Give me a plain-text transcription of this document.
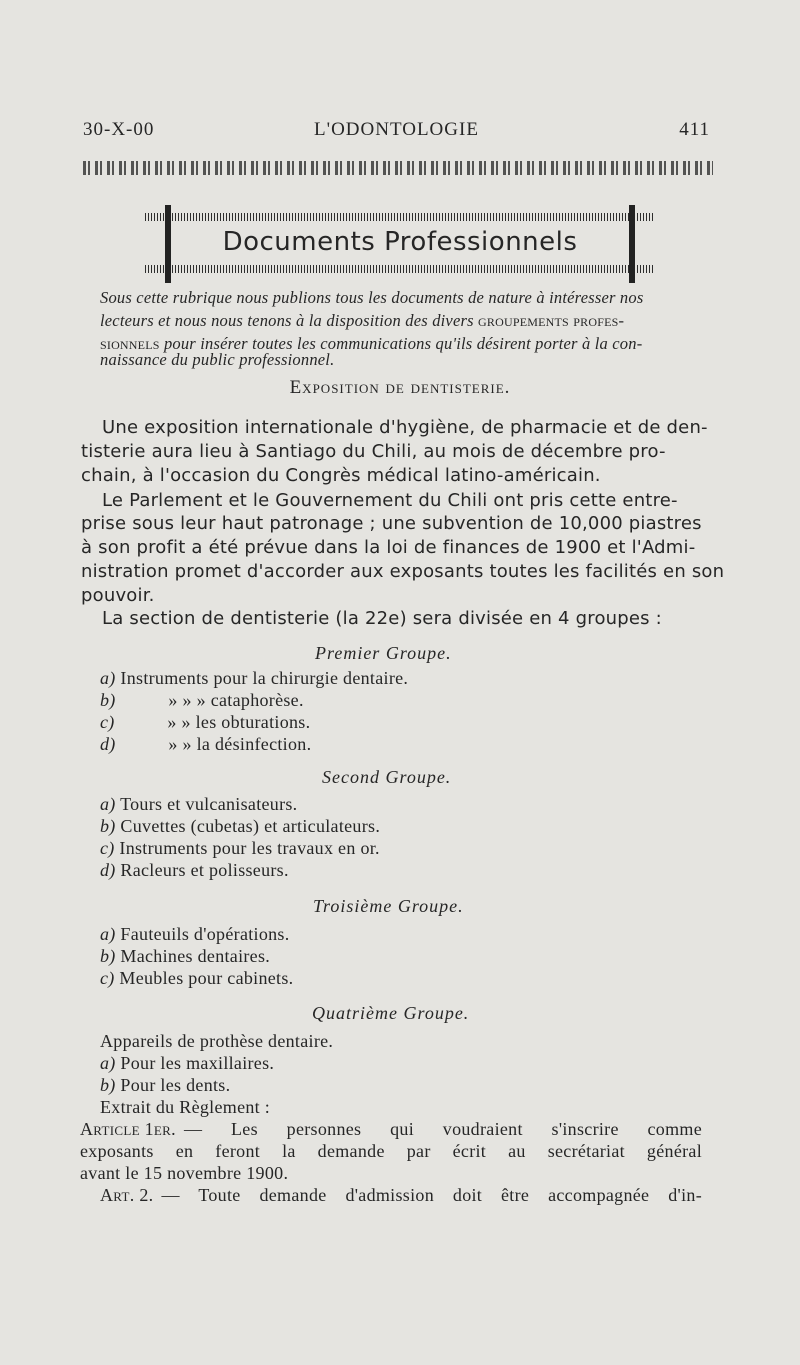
30-X-00	L'ODONTOLOGIE	411
Documents Professionnels
Sous cette rubrique nous publions tous les documents de nature à intéresser nos
lecteurs et nous nous tenons à la disposition des divers groupements profes-
sionnels pour insérer toutes les communications qu'ils désirent porter à la con-
naissance du public professionnel.
Exposition de dentisterie.
Une exposition internationale d'hygiène, de pharmacie et de den-
tisterie aura lieu à Santiago du Chili, au mois de décembre pro-
chain, à l'occasion du Congrès médical latino-américain.
Le Parlement et le Gouvernement du Chili ont pris cette entre-
prise sous leur haut patronage ; une subvention de 10,000 piastres
à son profit a été prévue dans la loi de finances de 1900 et l'Admi-
nistration promet d'accorder aux exposants toutes les facilités en son
pouvoir.
La section de dentisterie (la 22e) sera divisée en 4 groupes :
Premier Groupe.
a) Instruments pour la chirurgie dentaire.
b)	» » » cataphorèse.
c)	» » les obturations.
d)	» » la désinfection.
Second Groupe.
a) Tours et vulcanisateurs.
b) Cuvettes (cubetas) et articulateurs.
c) Instruments pour les travaux en or.
d) Racleurs et polisseurs.
Troisième Groupe.
a) Fauteuils d'opérations.
b) Machines dentaires.
c) Meubles pour cabinets.
Quatrième Groupe.
Appareils de prothèse dentaire.
a) Pour les maxillaires.
b) Pour les dents.
Extrait du Règlement :
Article 1er. — Les personnes qui voudraient s'inscrire comme
exposants en feront la demande par écrit au secrétariat général
avant le 15 novembre 1900.
Art. 2. — Toute demande d'admission doit être accompagnée d'in-
